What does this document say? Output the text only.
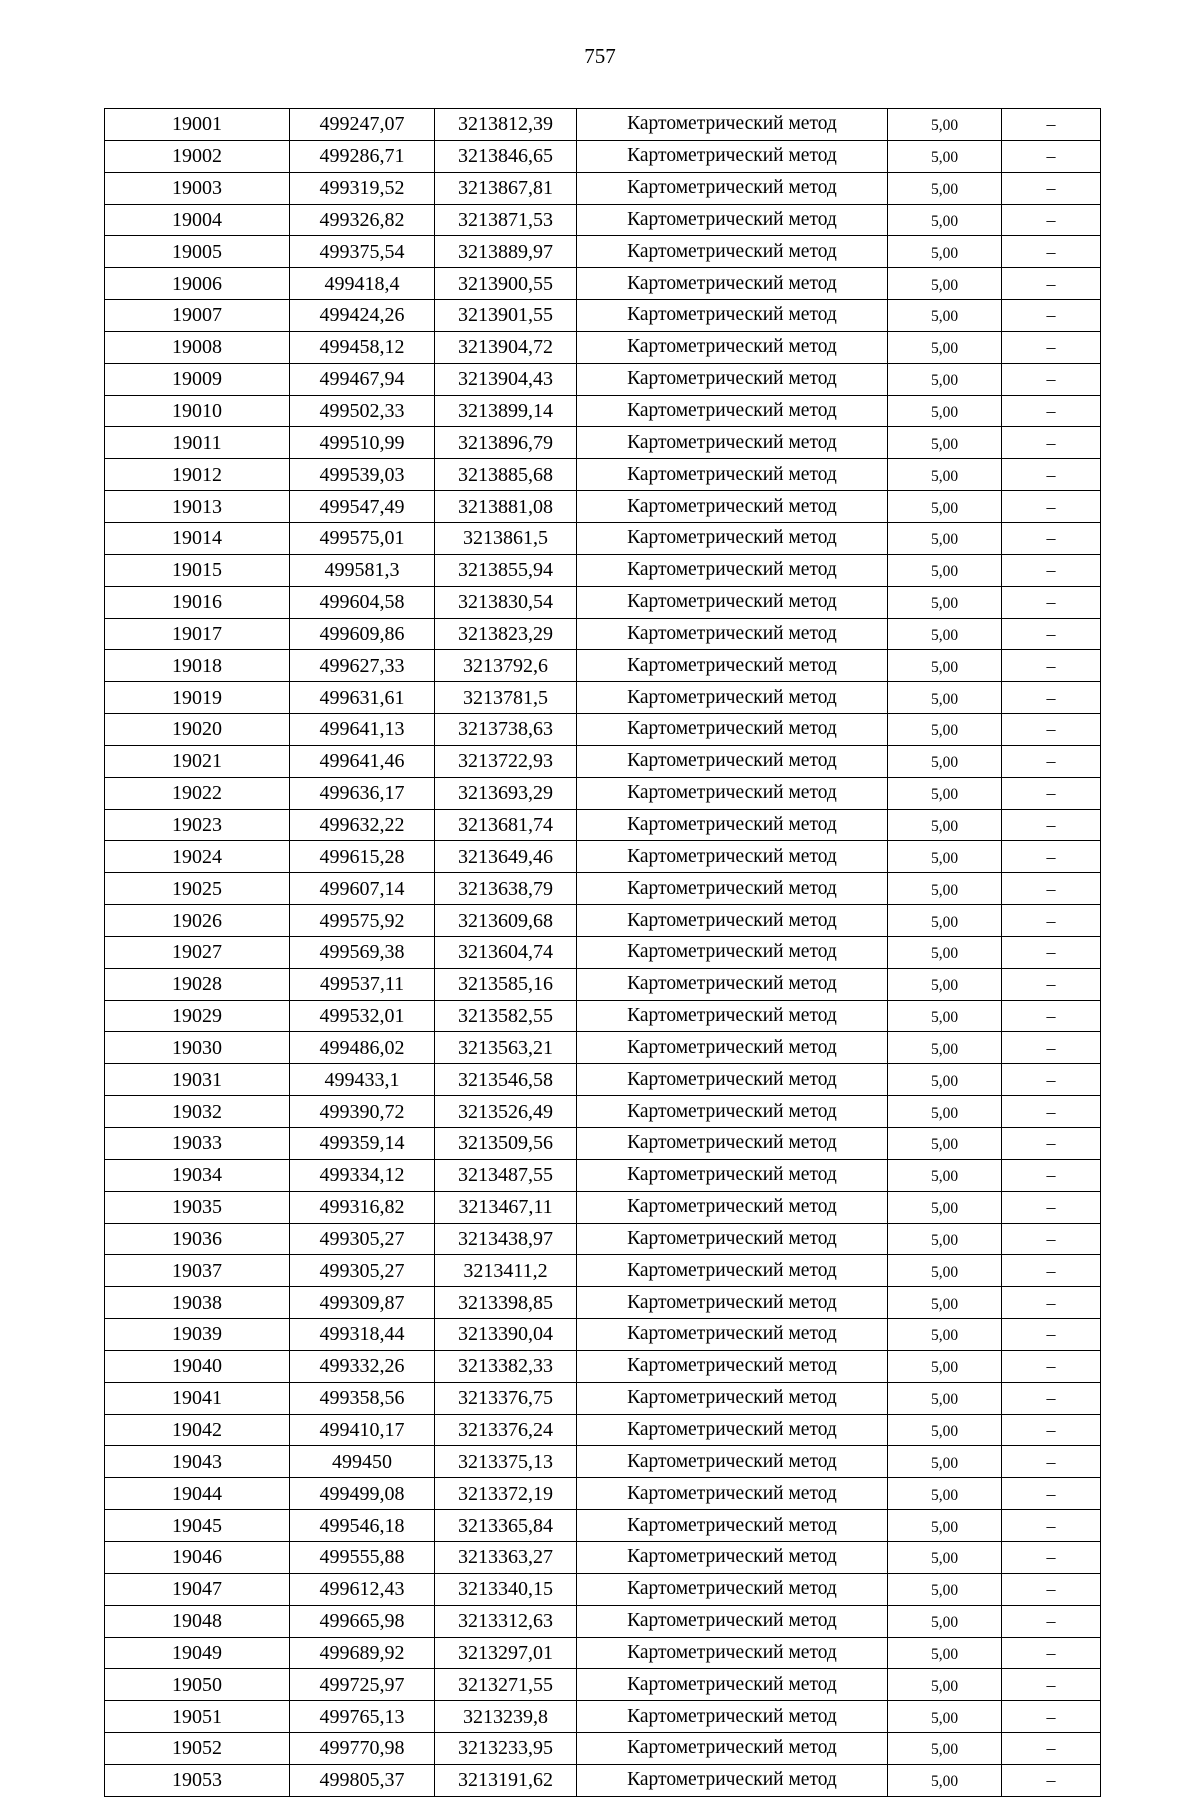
757
19001	499247,07	3213812,39	Картометрический метод	5,00	–
19002	499286,71	3213846,65	Картометрический метод	5,00	–
19003	499319,52	3213867,81	Картометрический метод	5,00	–
19004	499326,82	3213871,53	Картометрический метод	5,00	–
19005	499375,54	3213889,97	Картометрический метод	5,00	–
19006	499418,4	3213900,55	Картометрический метод	5,00	–
19007	499424,26	3213901,55	Картометрический метод	5,00	–
19008	499458,12	3213904,72	Картометрический метод	5,00	–
19009	499467,94	3213904,43	Картометрический метод	5,00	–
19010	499502,33	3213899,14	Картометрический метод	5,00	–
19011	499510,99	3213896,79	Картометрический метод	5,00	–
19012	499539,03	3213885,68	Картометрический метод	5,00	–
19013	499547,49	3213881,08	Картометрический метод	5,00	–
19014	499575,01	3213861,5	Картометрический метод	5,00	–
19015	499581,3	3213855,94	Картометрический метод	5,00	–
19016	499604,58	3213830,54	Картометрический метод	5,00	–
19017	499609,86	3213823,29	Картометрический метод	5,00	–
19018	499627,33	3213792,6	Картометрический метод	5,00	–
19019	499631,61	3213781,5	Картометрический метод	5,00	–
19020	499641,13	3213738,63	Картометрический метод	5,00	–
19021	499641,46	3213722,93	Картометрический метод	5,00	–
19022	499636,17	3213693,29	Картометрический метод	5,00	–
19023	499632,22	3213681,74	Картометрический метод	5,00	–
19024	499615,28	3213649,46	Картометрический метод	5,00	–
19025	499607,14	3213638,79	Картометрический метод	5,00	–
19026	499575,92	3213609,68	Картометрический метод	5,00	–
19027	499569,38	3213604,74	Картометрический метод	5,00	–
19028	499537,11	3213585,16	Картометрический метод	5,00	–
19029	499532,01	3213582,55	Картометрический метод	5,00	–
19030	499486,02	3213563,21	Картометрический метод	5,00	–
19031	499433,1	3213546,58	Картометрический метод	5,00	–
19032	499390,72	3213526,49	Картометрический метод	5,00	–
19033	499359,14	3213509,56	Картометрический метод	5,00	–
19034	499334,12	3213487,55	Картометрический метод	5,00	–
19035	499316,82	3213467,11	Картометрический метод	5,00	–
19036	499305,27	3213438,97	Картометрический метод	5,00	–
19037	499305,27	3213411,2	Картометрический метод	5,00	–
19038	499309,87	3213398,85	Картометрический метод	5,00	–
19039	499318,44	3213390,04	Картометрический метод	5,00	–
19040	499332,26	3213382,33	Картометрический метод	5,00	–
19041	499358,56	3213376,75	Картометрический метод	5,00	–
19042	499410,17	3213376,24	Картометрический метод	5,00	–
19043	499450	3213375,13	Картометрический метод	5,00	–
19044	499499,08	3213372,19	Картометрический метод	5,00	–
19045	499546,18	3213365,84	Картометрический метод	5,00	–
19046	499555,88	3213363,27	Картометрический метод	5,00	–
19047	499612,43	3213340,15	Картометрический метод	5,00	–
19048	499665,98	3213312,63	Картометрический метод	5,00	–
19049	499689,92	3213297,01	Картометрический метод	5,00	–
19050	499725,97	3213271,55	Картометрический метод	5,00	–
19051	499765,13	3213239,8	Картометрический метод	5,00	–
19052	499770,98	3213233,95	Картометрический метод	5,00	–
19053	499805,37	3213191,62	Картометрический метод	5,00	–
